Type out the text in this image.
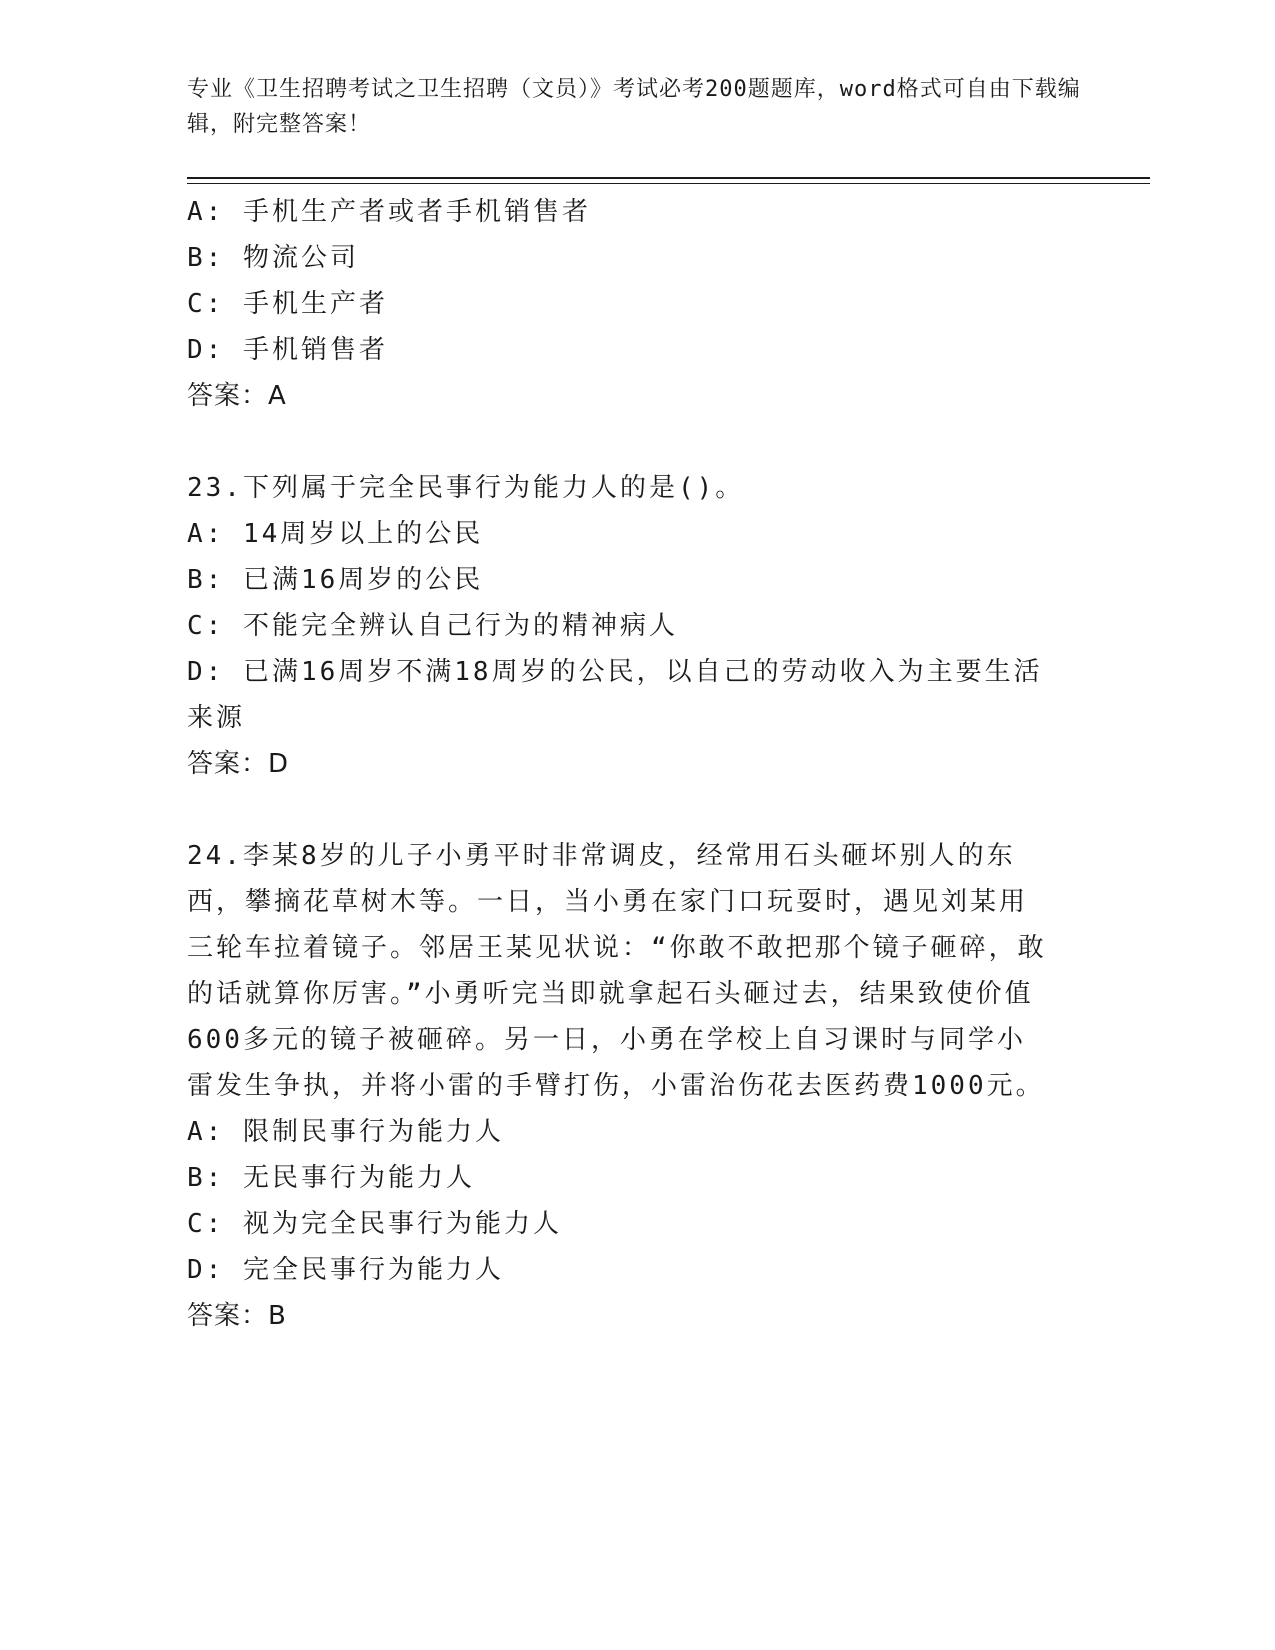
专业《卫生招聘考试之卫生招聘（文员）》考试必考200题题库，word格式可自由下载编辑，附完整答案！
A: 手机生产者或者手机销售者
B: 物流公司
C: 手机生产者
D: 手机销售者
答案：A
23.下列属于完全民事行为能力人的是()。
A: 14周岁以上的公民
B: 已满16周岁的公民
C: 不能完全辨认自己行为的精神病人
D: 已满16周岁不满18周岁的公民，以自己的劳动收入为主要生活来源
答案：D
24.李某8岁的儿子小勇平时非常调皮，经常用石头砸坏别人的东西，攀摘花草树木等。一日，当小勇在家门口玩耍时，遇见刘某用三轮车拉着镜子。邻居王某见状说：“你敢不敢把那个镜子砸碎，敢的话就算你厉害。”小勇听完当即就拿起石头砸过去，结果致使价值600多元的镜子被砸碎。另一日，小勇在学校上自习课时与同学小雷发生争执，并将小雷的手臂打伤，小雷治伤花去医药费1000元。
A: 限制民事行为能力人
B: 无民事行为能力人
C: 视为完全民事行为能力人
D: 完全民事行为能力人
答案：B
